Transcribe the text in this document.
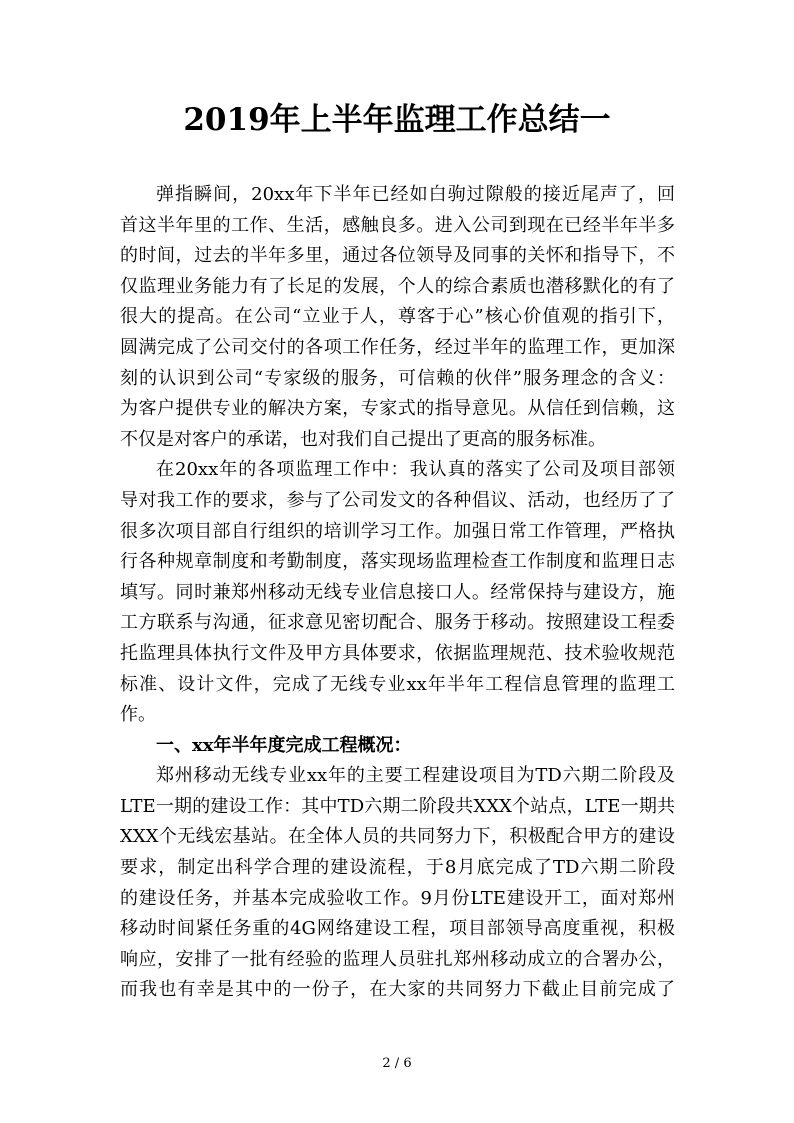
2019年上半年监理工作总结一
弹指瞬间，20xx年下半年已经如白驹过隙般的接近尾声了，回
首这半年里的工作、生活，感触良多。进入公司到现在已经半年半多
的时间，过去的半年多里，通过各位领导及同事的关怀和指导下，不
仅监理业务能力有了长足的发展，个人的综合素质也潜移默化的有了
很大的提高。在公司“立业于人，尊客于心”核心价值观的指引下，
圆满完成了公司交付的各项工作任务，经过半年的监理工作，更加深
刻的认识到公司“专家级的服务，可信赖的伙伴”服务理念的含义：
为客户提供专业的解决方案，专家式的指导意见。从信任到信赖，这
不仅是对客户的承诺，也对我们自己提出了更高的服务标准。
在20xx年的各项监理工作中：我认真的落实了公司及项目部领
导对我工作的要求，参与了公司发文的各种倡议、活动，也经历了了
很多次项目部自行组织的培训学习工作。加强日常工作管理，严格执
行各种规章制度和考勤制度，落实现场监理检查工作制度和监理日志
填写。同时兼郑州移动无线专业信息接口人。经常保持与建设方，施
工方联系与沟通，征求意见密切配合、服务于移动。按照建设工程委
托监理具体执行文件及甲方具体要求，依据监理规范、技术验收规范
标准、设计文件，完成了无线专业xx年半年工程信息管理的监理工
作。
一、xx年半年度完成工程概况：
郑州移动无线专业xx年的主要工程建设项目为TD六期二阶段及
LTE一期的建设工作：其中TD六期二阶段共XXX个站点，LTE一期共
XXX个无线宏基站。在全体人员的共同努力下，积极配合甲方的建设
要求，制定出科学合理的建设流程，于8月底完成了TD六期二阶段
的建设任务，并基本完成验收工作。9月份LTE建设开工，面对郑州
移动时间紧任务重的4G网络建设工程，项目部领导高度重视，积极
响应，安排了一批有经验的监理人员驻扎郑州移动成立的合署办公，
而我也有幸是其中的一份子，在大家的共同努力下截止目前完成了
2 / 6
